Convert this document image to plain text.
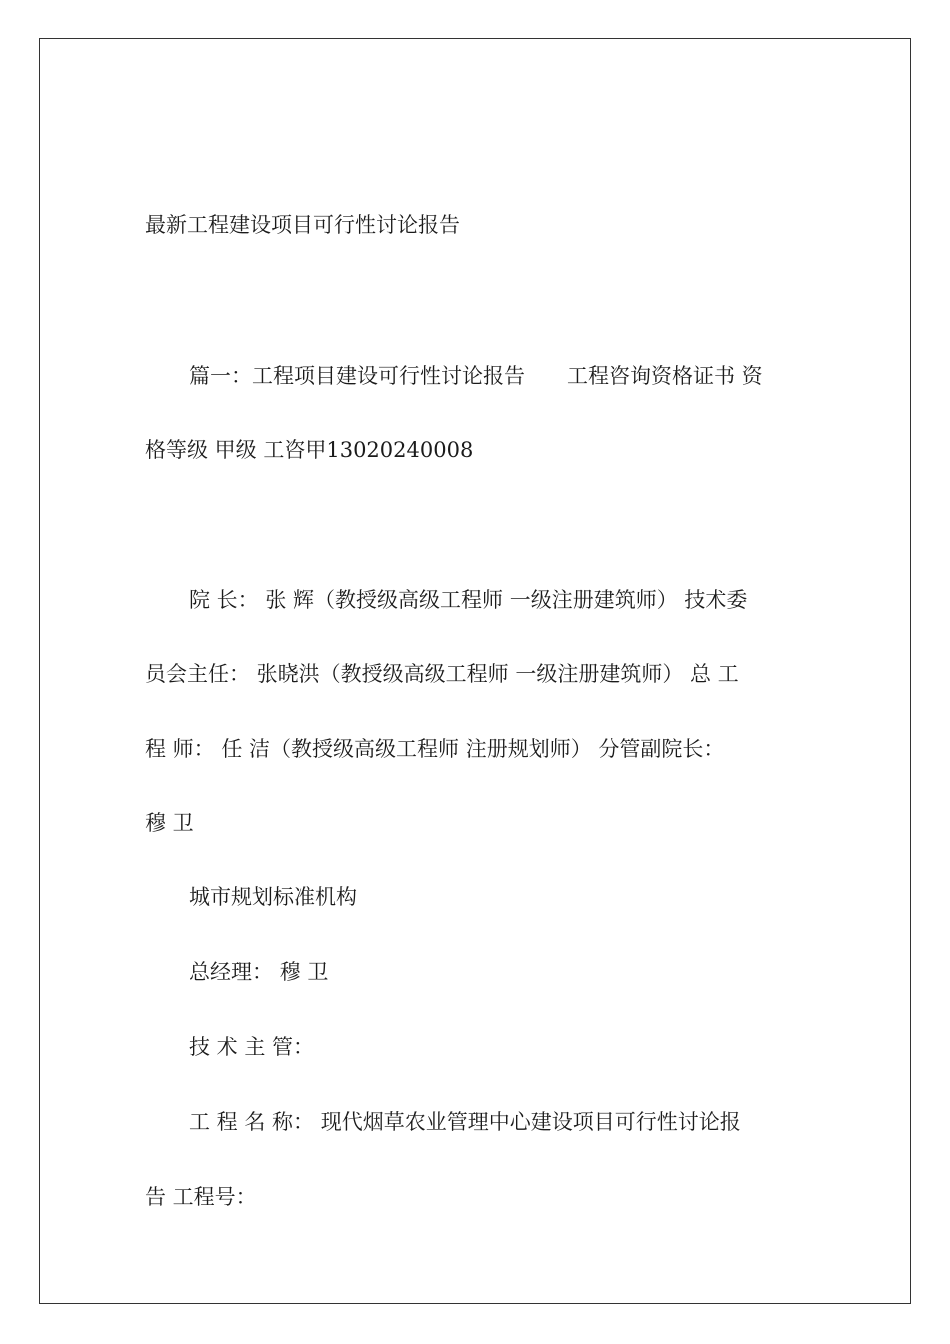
最新工程建设项目可行性讨论报告
篇一：工程项目建设可行性讨论报告　　工程咨询资格证书 资
格等级 甲级 工咨甲13020240008
院 长： 张 辉（教授级高级工程师 一级注册建筑师） 技术委
员会主任： 张晓洪（教授级高级工程师 一级注册建筑师） 总 工
程 师： 任 洁（教授级高级工程师 注册规划师） 分管副院长：
穆 卫
城市规划标准机构
总经理： 穆 卫
技 术 主 管：
工 程 名 称： 现代烟草农业管理中心建设项目可行性讨论报
告 工程号：
